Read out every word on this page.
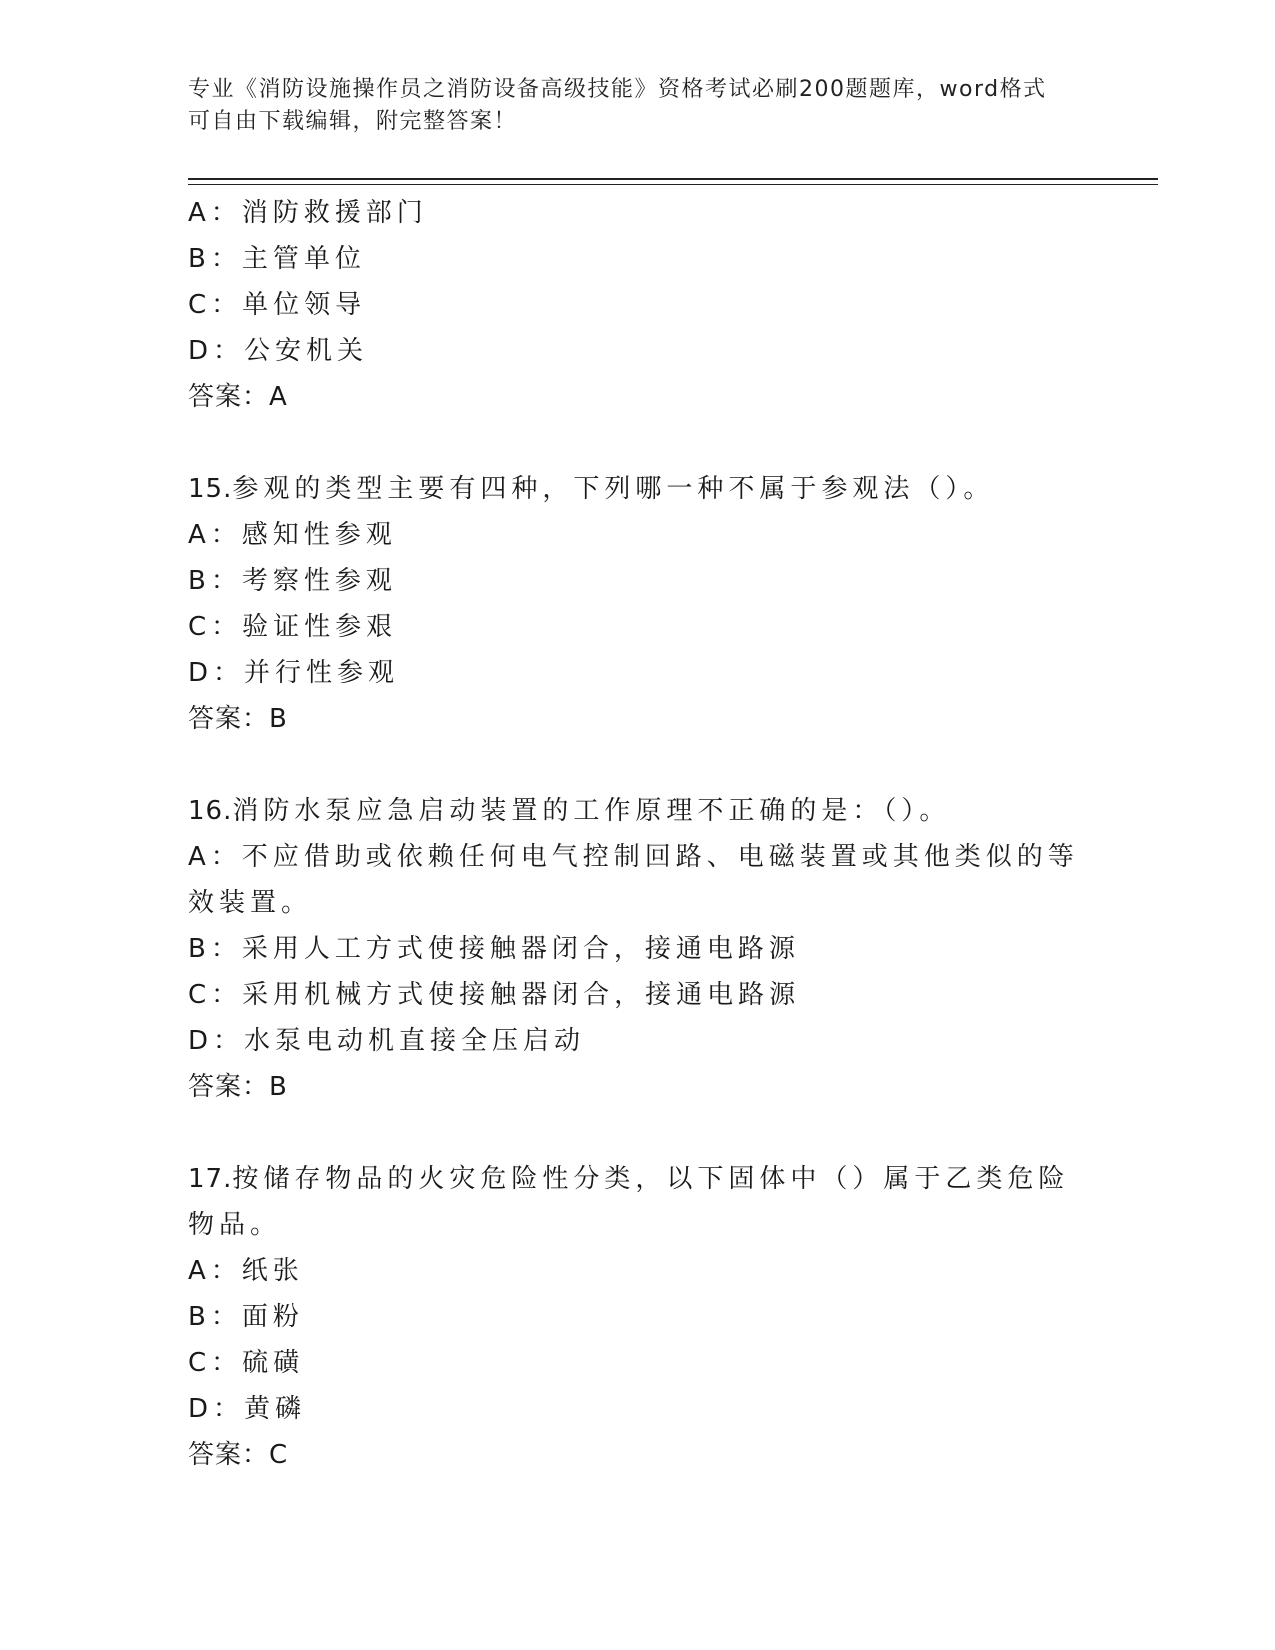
专业《消防设施操作员之消防设备高级技能》资格考试必刷200题题库，word格式可自由下载编辑，附完整答案！
A：消防救援部门
B：主管单位
C：单位领导
D：公安机关
答案：A
15.参观的类型主要有四种，下列哪一种不属于参观法（）。
A：感知性参观
B：考察性参观
C：验证性参艰
D：并行性参观
答案：B
16.消防水泵应急启动装置的工作原理不正确的是：（）。
A：不应借助或依赖任何电气控制回路、电磁装置或其他类似的等效装置。
B：采用人工方式使接触器闭合，接通电路源
C：采用机械方式使接触器闭合，接通电路源
D：水泵电动机直接全压启动
答案：B
17.按储存物品的火灾危险性分类，以下固体中（）属于乙类危险物品。
A：纸张
B：面粉
C：硫磺
D：黄磷
答案：C
